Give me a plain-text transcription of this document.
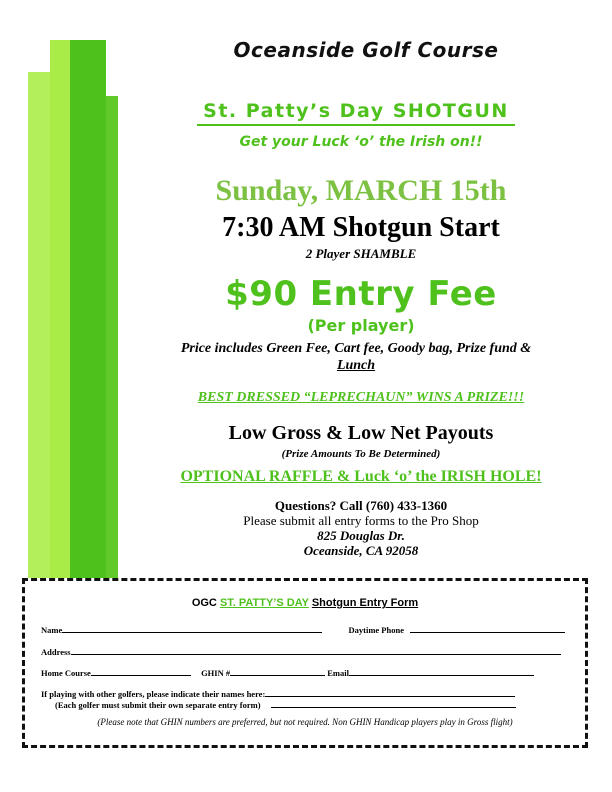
Oceanside Golf Course
St. Patty’s Day SHOTGUN
Get your Luck ‘o’ the Irish on!!
Sunday, MARCH 15th
7:30 AM Shotgun Start
2 Player SHAMBLE
$90 Entry Fee
(Per player)
Price includes Green Fee, Cart fee, Goody bag, Prize fund &
Lunch
BEST DRESSED “LEPRECHAUN” WINS A PRIZE!!!
Low Gross & Low Net Payouts
(Prize Amounts To Be Determined)
OPTIONAL RAFFLE & Luck ‘o’ the IRISH HOLE!
Questions? Call (760) 433-1360
Please submit all entry forms to the Pro Shop
825 Douglas Dr.
Oceanside, CA 92058
OGC ST. PATTY’S DAY Shotgun Entry Form
Name	Daytime Phone
Address
Home Course	GHIN #	Email
If playing with other golfers, please indicate their names here:
(Each golfer must submit their own separate entry form)
(Please note that GHIN numbers are preferred, but not required. Non GHIN Handicap players play in Gross flight)
